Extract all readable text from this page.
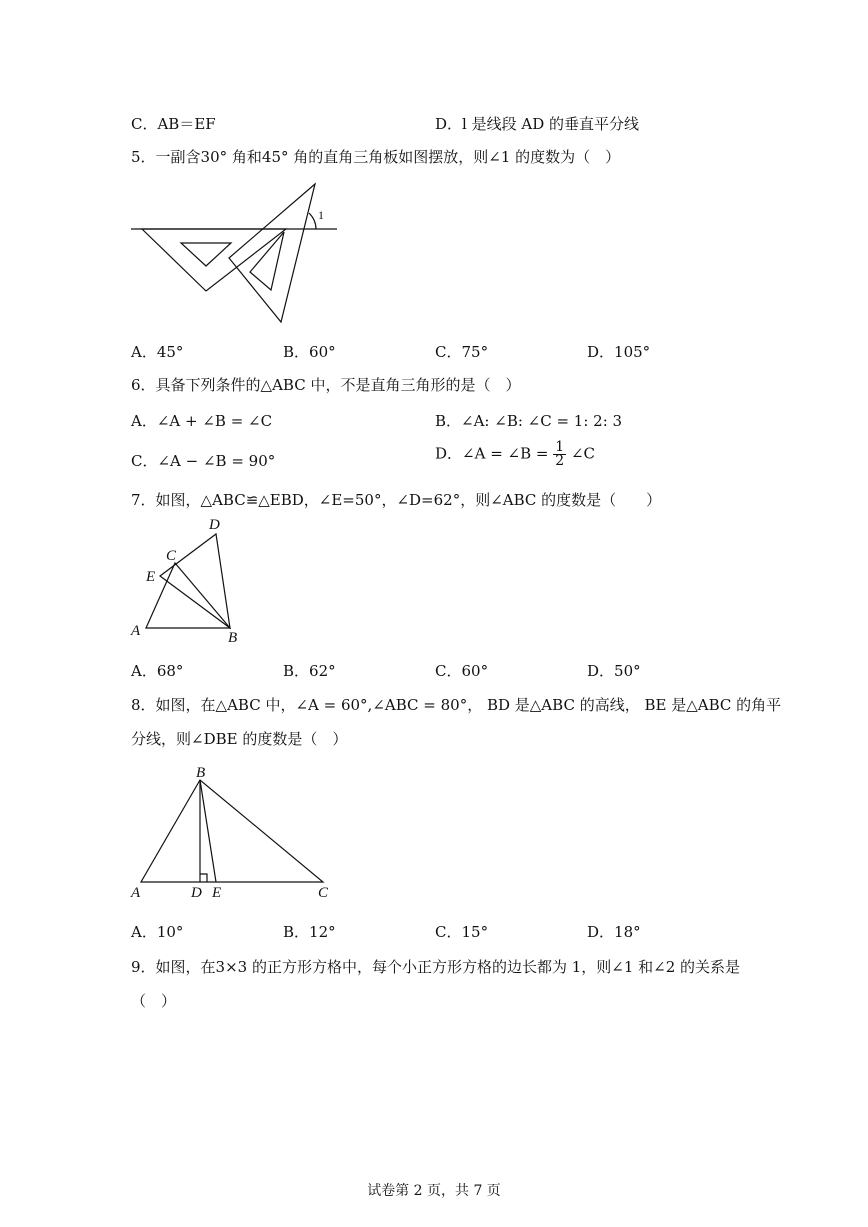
C．AB＝EF	D．l 是线段 AD 的垂直平分线
5．一副含30° 角和45° 角的直角三角板如图摆放，则∠1 的度数为（　）
1
A．45°	B．60°	C．75°	D．105°
6．具备下列条件的△ABC 中，不是直角三角形的是（　）
A．∠A + ∠B = ∠C	B．∠A: ∠B: ∠C = 1: 2: 3
C．∠A − ∠B = 90°	D．∠A = ∠B = $\frac{1}{2}$ ∠C
7．如图，△ABC≌△EBD，∠E=50°，∠D=62°，则∠ABC 的度数是（　　）
D
C
E
A	B
A．68°	B．62°	C．60°	D．50°
8．如图，在△ABC 中，∠A = 60°,∠ABC = 80°， BD 是△ABC 的高线， BE 是△ABC 的角平
分线，则∠DBE 的度数是（　）
B
A	D E	C
A．10°	B．12°	C．15°	D．18°
9．如图，在3×3 的正方形方格中，每个小正方形方格的边长都为 1，则∠1 和∠2 的关系是
（　）
试卷第 2 页，共 7 页
